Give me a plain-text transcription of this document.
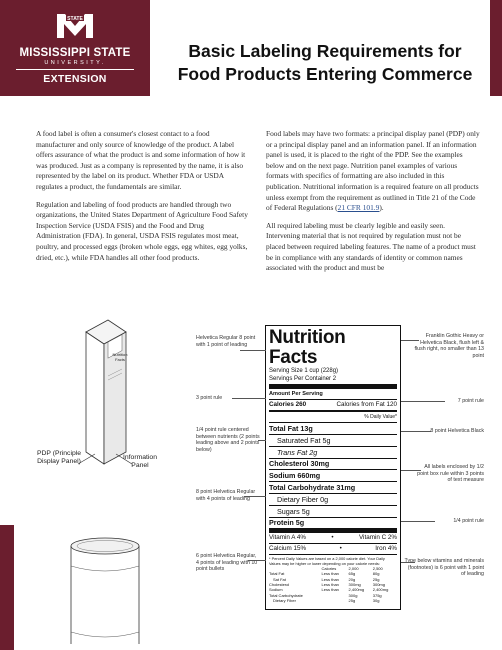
STATE
MISSISSIPPI STATE
UNIVERSITY.
EXTENSION
Basic Labeling Requirements for
Food Products Entering Commerce

A food label is often a consumer's closest contact to a food manufacturer and only source of knowledge of the product. A label offers assurance of what the product is and some information of how it was produced. Just as a company is represented by the name, it is also represented by the label on its product. Whether FDA or USDA regulates a product, the fundamentals are similar.

Regulation and labeling of food products are handled through two organizations, the United States Department of Agriculture Food Safety Inspection Service (USDA FSIS) and the Food and Drug Administration (FDA). In general, USDA FSIS regulates most meat, poultry, and processed eggs (broken whole eggs, egg whites, egg yolks, dried, etc.), while FDA handles all other food products.

Food labels may have two formats: a principal display panel (PDP) only or a principal display panel and an information panel. If an information panel is used, it is placed to the right of the PDP. See the examples below and on the next page. Nutrition panel examples of various formats with specifics of formatting are also included in this publication. Nutritional information is a required feature on all products unless exempt from the requirement as outlined in Title 21 of the Code of Federal Regulations (21 CFR 101.9).

All required labeling must be clearly legible and easily seen. Intervening material that is not required by regulation must not be placed between required labeling features. The name of a product must be in compliance with any standards of identity or common names associated with the product and must be

Nutrition Facts
PDP (Principle Display Panel)
Information Panel
Nutrition Facts
Serving Size 1 cup (228g)
Servings Per Container 2
Amount Per Serving
Calories 260	Calories from Fat 120
% Daily Value*
Total Fat 13g
Saturated Fat 5g
Trans Fat 2g
Cholesterol 30mg
Sodium 660mg
Total Carbohydrate 31mg
Dietary Fiber 0g
Sugars 5g
Protein 5g
Vitamin A 4%	•	Vitamin C 2%
Calcium 15%	•	Iron 4%
* Percent Daily Values are based on a 2,000 calorie diet. Your Daily Values may be higher or lower depending on your calorie needs:
	Calories	2,000	2,500
Total Fat	Less than	65g	80g
Sat Fat	Less than	20g	25g
Cholesterol	Less than	300mg	300mg
Sodium	Less than	2,400mg	2,400mg
Total Carbohydrate		300g	375g
Dietary Fiber		25g	30g
Helvetica Regular 8 point with 1 point of leading
3 point rule
1/4 point rule centered between nutrients (2 points leading above and 2 points below)
8 point Helvetica Regular with 4 points of leading
6 point Helvetica Regular, 4 points of leading with 10 point bullets
Franklin Gothic Heavy or Helvetica Black, flush left & flush right, no smaller than 13 point
7 point rule
8 point Helvetica Black
All labels enclosed by 1/2 point box rule within 3 points of text measure
1/4 point rule
Type below vitamins and minerals (footnotes) is 6 point with 1 point of leading
